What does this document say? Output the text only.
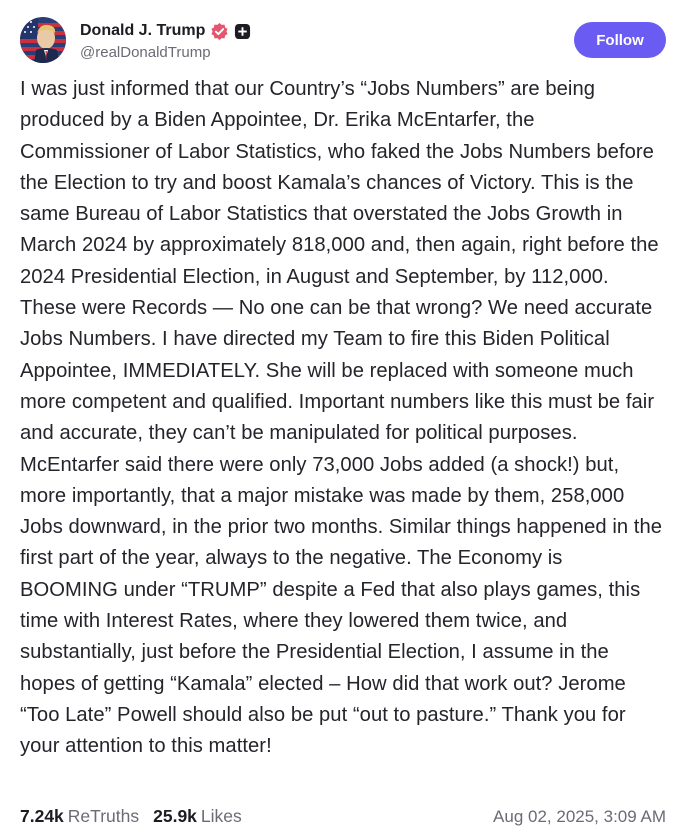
Donald J. Trump
@realDonaldTrump
Follow
I was just informed that our Country’s “Jobs Numbers” are being produced by a Biden Appointee, Dr. Erika McEntarfer, the Commissioner of Labor Statistics, who faked the Jobs Numbers before the Election to try and boost Kamala’s chances of Victory. This is the same Bureau of Labor Statistics that overstated the Jobs Growth in March 2024 by approximately 818,000 and, then again, right before the 2024 Presidential Election, in August and September, by 112,000. These were Records — No one can be that wrong? We need accurate Jobs Numbers. I have directed my Team to fire this Biden Political Appointee, IMMEDIATELY. She will be replaced with someone much more competent and qualified. Important numbers like this must be fair and accurate, they can’t be manipulated for political purposes. McEntarfer said there were only 73,000 Jobs added (a shock!) but, more importantly, that a major mistake was made by them, 258,000 Jobs downward, in the prior two months. Similar things happened in the first part of the year, always to the negative. The Economy is BOOMING under “TRUMP” despite a Fed that also plays games, this time with Interest Rates, where they lowered them twice, and substantially, just before the Presidential Election, I assume in the hopes of getting “Kamala” elected – How did that work out? Jerome “Too Late” Powell should also be put “out to pasture.” Thank you for your attention to this matter!
7.24k ReTruths 25.9k Likes	Aug 02, 2025, 3:09 AM
